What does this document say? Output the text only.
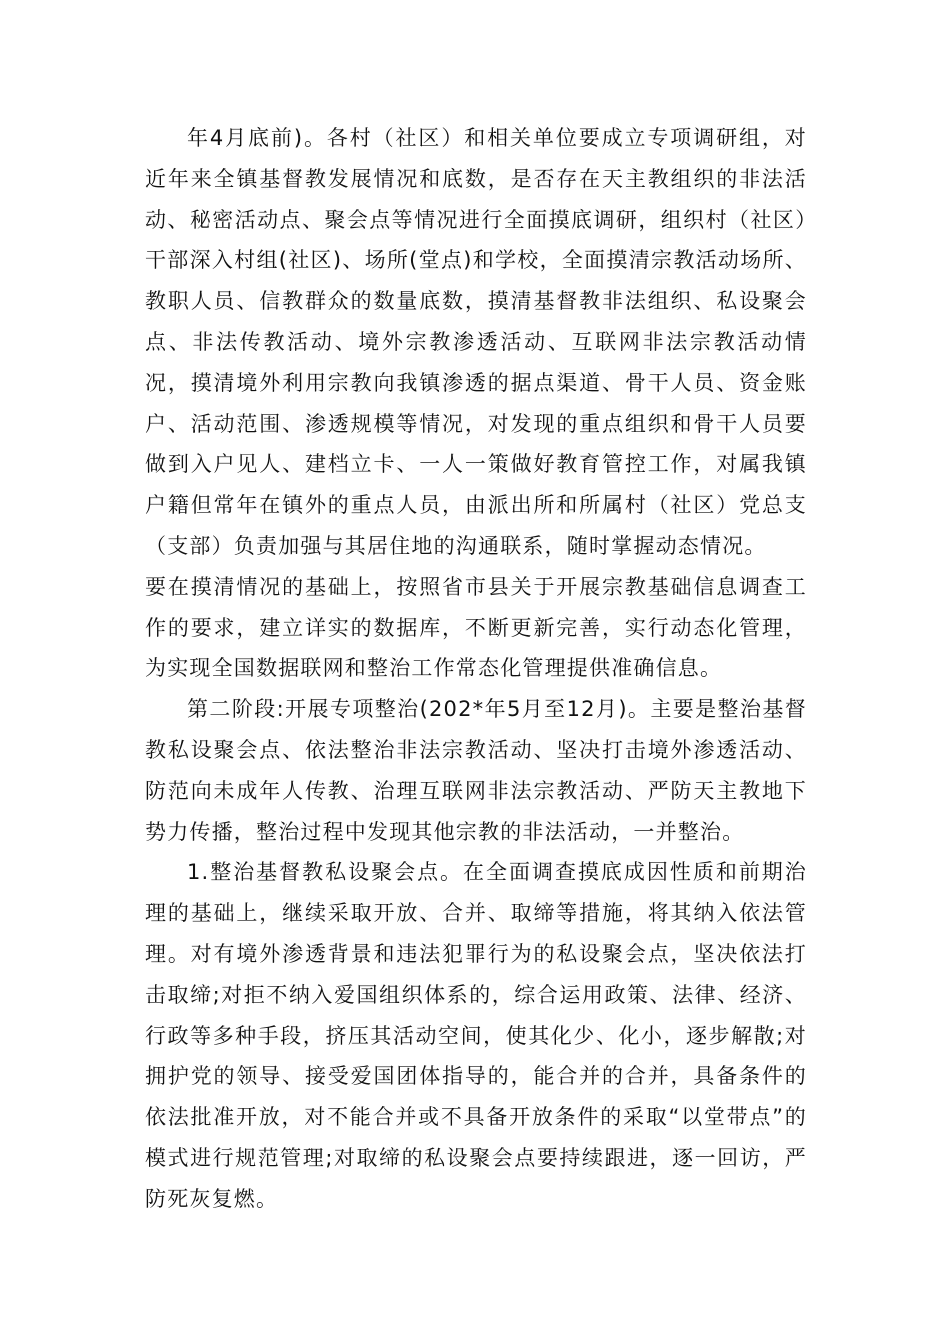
年4月底前)。各村（社区）和相关单位要成立专项调研组，对近年来全镇基督教发展情况和底数，是否存在天主教组织的非法活动、秘密活动点、聚会点等情况进行全面摸底调研，组织村（社区）干部深入村组(社区)、场所(堂点)和学校，全面摸清宗教活动场所、教职人员、信教群众的数量底数，摸清基督教非法组织、私设聚会点、非法传教活动、境外宗教渗透活动、互联网非法宗教活动情况，摸清境外利用宗教向我镇渗透的据点渠道、骨干人员、资金账户、活动范围、渗透规模等情况，对发现的重点组织和骨干人员要做到入户见人、建档立卡、一人一策做好教育管控工作，对属我镇户籍但常年在镇外的重点人员，由派出所和所属村（社区）党总支（支部）负责加强与其居住地的沟通联系，随时掌握动态情况。

要在摸清情况的基础上，按照省市县关于开展宗教基础信息调查工作的要求，建立详实的数据库，不断更新完善，实行动态化管理，为实现全国数据联网和整治工作常态化管理提供准确信息。

第二阶段:开展专项整治(202*年5月至12月)。主要是整治基督教私设聚会点、依法整治非法宗教活动、坚决打击境外渗透活动、防范向未成年人传教、治理互联网非法宗教活动、严防天主教地下势力传播，整治过程中发现其他宗教的非法活动，一并整治。

1.整治基督教私设聚会点。在全面调查摸底成因性质和前期治理的基础上，继续采取开放、合并、取缔等措施，将其纳入依法管理。对有境外渗透背景和违法犯罪行为的私设聚会点，坚决依法打击取缔;对拒不纳入爱国组织体系的，综合运用政策、法律、经济、行政等多种手段，挤压其活动空间，使其化少、化小，逐步解散;对拥护党的领导、接受爱国团体指导的，能合并的合并，具备条件的依法批准开放，对不能合并或不具备开放条件的采取“以堂带点”的模式进行规范管理;对取缔的私设聚会点要持续跟进，逐一回访，严防死灰复燃。
